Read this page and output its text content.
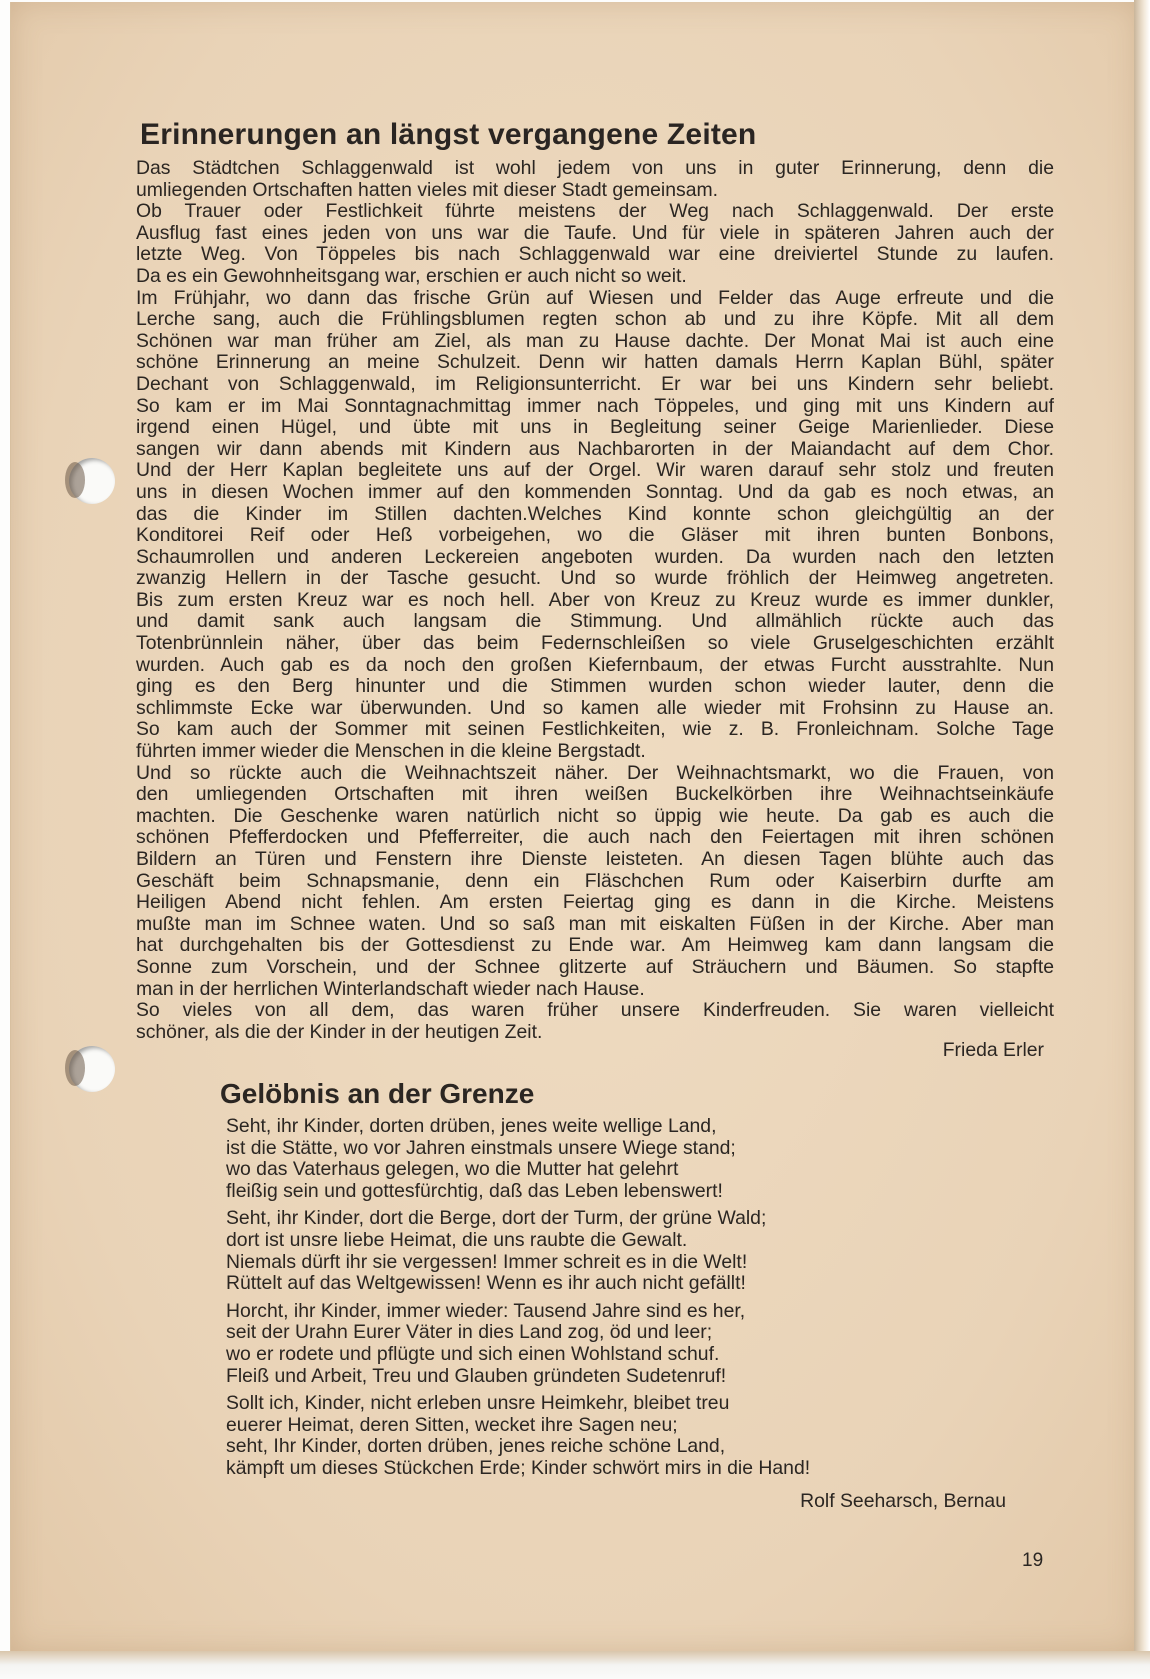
Erinnerungen an längst vergangene Zeiten
Das Städtchen Schlaggenwald ist wohl jedem von uns in guter Erinnerung, denn die
umliegenden Ortschaften hatten vieles mit dieser Stadt gemeinsam.
Ob Trauer oder Festlichkeit führte meistens der Weg nach Schlaggenwald. Der erste
Ausflug fast eines jeden von uns war die Taufe. Und für viele in späteren Jahren auch der
letzte Weg. Von Töppeles bis nach Schlaggenwald war eine dreiviertel Stunde zu laufen.
Da es ein Gewohnheitsgang war, erschien er auch nicht so weit.
Im Frühjahr, wo dann das frische Grün auf Wiesen und Felder das Auge erfreute und die
Lerche sang, auch die Frühlingsblumen regten schon ab und zu ihre Köpfe. Mit all dem
Schönen war man früher am Ziel, als man zu Hause dachte. Der Monat Mai ist auch eine
schöne Erinnerung an meine Schulzeit. Denn wir hatten damals Herrn Kaplan Bühl, später
Dechant von Schlaggenwald, im Religionsunterricht. Er war bei uns Kindern sehr beliebt.
So kam er im Mai Sonntagnachmittag immer nach Töppeles, und ging mit uns Kindern auf
irgend einen Hügel, und übte mit uns in Begleitung seiner Geige Marienlieder. Diese
sangen wir dann abends mit Kindern aus Nachbarorten in der Maiandacht auf dem Chor.
Und der Herr Kaplan begleitete uns auf der Orgel. Wir waren darauf sehr stolz und freuten
uns in diesen Wochen immer auf den kommenden Sonntag. Und da gab es noch etwas, an
das die Kinder im Stillen dachten.Welches Kind konnte schon gleichgültig an der
Konditorei Reif oder Heß vorbeigehen, wo die Gläser mit ihren bunten Bonbons,
Schaumrollen und anderen Leckereien angeboten wurden. Da wurden nach den letzten
zwanzig Hellern in der Tasche gesucht. Und so wurde fröhlich der Heimweg angetreten.
Bis zum ersten Kreuz war es noch hell. Aber von Kreuz zu Kreuz wurde es immer dunkler,
und damit sank auch langsam die Stimmung. Und allmählich rückte auch das
Totenbrünnlein näher, über das beim Federnschleißen so viele Gruselgeschichten erzählt
wurden. Auch gab es da noch den großen Kiefernbaum, der etwas Furcht ausstrahlte. Nun
ging es den Berg hinunter und die Stimmen wurden schon wieder lauter, denn die
schlimmste Ecke war überwunden. Und so kamen alle wieder mit Frohsinn zu Hause an.
So kam auch der Sommer mit seinen Festlichkeiten, wie z. B. Fronleichnam. Solche Tage
führten immer wieder die Menschen in die kleine Bergstadt.
Und so rückte auch die Weihnachtszeit näher. Der Weihnachtsmarkt, wo die Frauen, von
den umliegenden Ortschaften mit ihren weißen Buckelkörben ihre Weihnachtseinkäufe
machten. Die Geschenke waren natürlich nicht so üppig wie heute. Da gab es auch die
schönen Pfefferdocken und Pfefferreiter, die auch nach den Feiertagen mit ihren schönen
Bildern an Türen und Fenstern ihre Dienste leisteten. An diesen Tagen blühte auch das
Geschäft beim Schnapsmanie, denn ein Fläschchen Rum oder Kaiserbirn durfte am
Heiligen Abend nicht fehlen. Am ersten Feiertag ging es dann in die Kirche. Meistens
mußte man im Schnee waten. Und so saß man mit eiskalten Füßen in der Kirche. Aber man
hat durchgehalten bis der Gottesdienst zu Ende war. Am Heimweg kam dann langsam die
Sonne zum Vorschein, und der Schnee glitzerte auf Sträuchern und Bäumen. So stapfte
man in der herrlichen Winterlandschaft wieder nach Hause.
So vieles von all dem, das waren früher unsere Kinderfreuden. Sie waren vielleicht
schöner, als die der Kinder in der heutigen Zeit.
Frieda Erler
Gelöbnis an der Grenze
Seht, ihr Kinder, dorten drüben, jenes weite wellige Land,
ist die Stätte, wo vor Jahren einstmals unsere Wiege stand;
wo das Vaterhaus gelegen, wo die Mutter hat gelehrt
fleißig sein und gottesfürchtig, daß das Leben lebenswert!
Seht, ihr Kinder, dort die Berge, dort der Turm, der grüne Wald;
dort ist unsre liebe Heimat, die uns raubte die Gewalt.
Niemals dürft ihr sie vergessen! Immer schreit es in die Welt!
Rüttelt auf das Weltgewissen! Wenn es ihr auch nicht gefällt!
Horcht, ihr Kinder, immer wieder: Tausend Jahre sind es her,
seit der Urahn Eurer Väter in dies Land zog, öd und leer;
wo er rodete und pflügte und sich einen Wohlstand schuf.
Fleiß und Arbeit, Treu und Glauben gründeten Sudetenruf!
Sollt ich, Kinder, nicht erleben unsre Heimkehr, bleibet treu
euerer Heimat, deren Sitten, wecket ihre Sagen neu;
seht, Ihr Kinder, dorten drüben, jenes reiche schöne Land,
kämpft um dieses Stückchen Erde; Kinder schwört mirs in die Hand!
Rolf Seeharsch, Bernau
19
